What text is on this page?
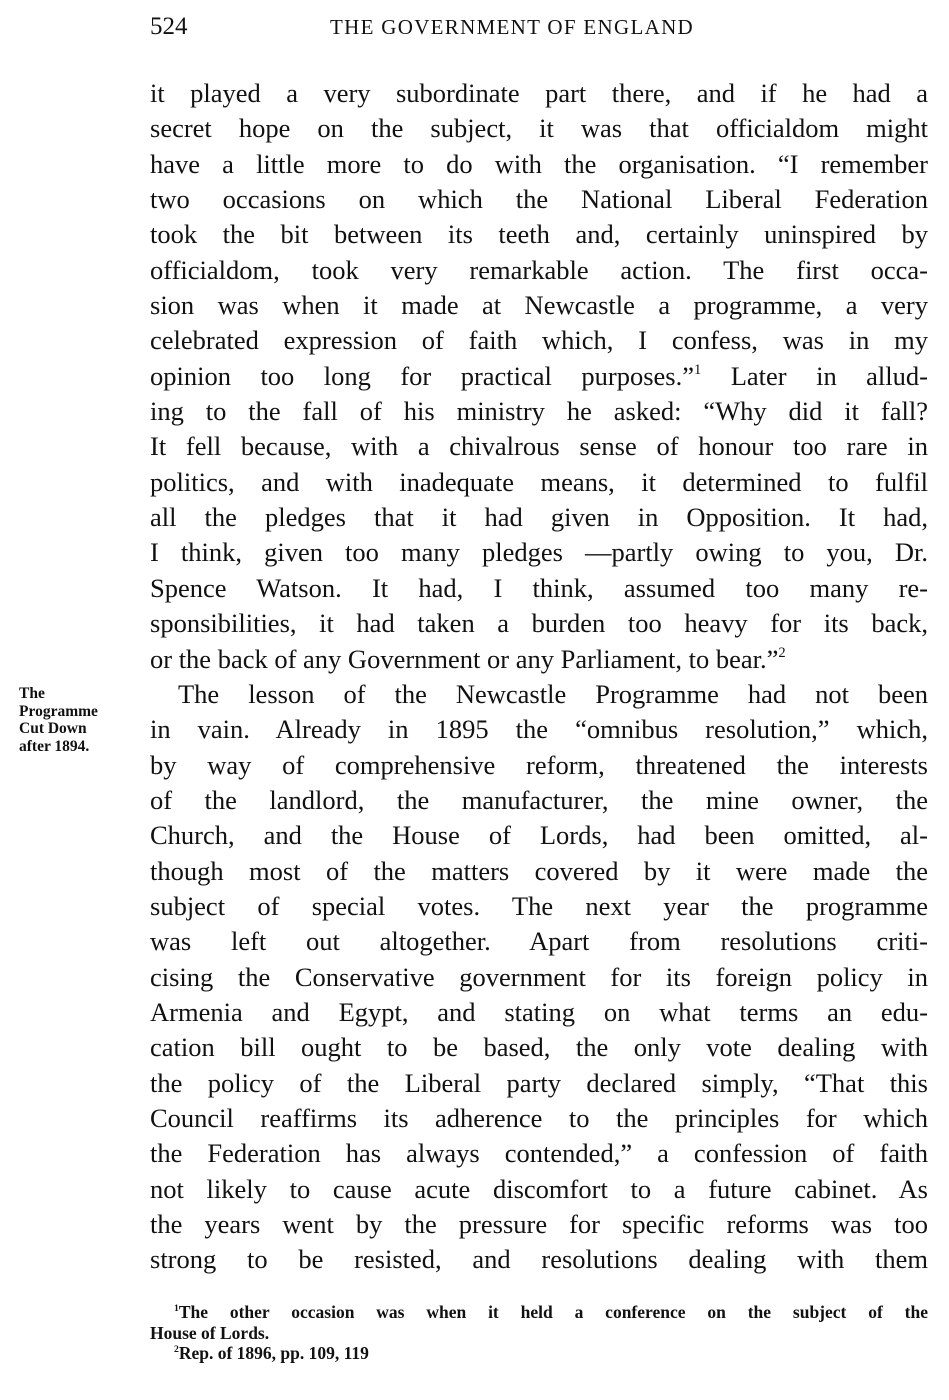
524	THE GOVERNMENT OF ENGLAND
The
Programme
Cut Down
after 1894.
it played a very subordinate part there, and if he had a
secret hope on the subject, it was that officialdom might
have a little more to do with the organisation. “I remember
two occasions on which the National Liberal Federation
took the bit between its teeth and, certainly uninspired by
officialdom, took very remarkable action. The first occa-
sion was when it made at Newcastle a programme, a very
celebrated expression of faith which, I confess, was in my
opinion too long for practical purposes.”$^1$ Later in allud-
ing to the fall of his ministry he asked: “Why did it fall?
It fell because, with a chivalrous sense of honour too rare in
politics, and with inadequate means, it determined to fulfil
all the pledges that it had given in Opposition. It had,
I think, given too many pledges —partly owing to you, Dr.
Spence Watson. It had, I think, assumed too many re-
sponsibilities, it had taken a burden too heavy for its back,
or the back of any Government or any Parliament, to bear.”$^2$
The lesson of the Newcastle Programme had not been
in vain. Already in 1895 the “omnibus resolution,” which,
by way of comprehensive reform, threatened the interests
of the landlord, the manufacturer, the mine owner, the
Church, and the House of Lords, had been omitted, al-
though most of the matters covered by it were made the
subject of special votes. The next year the programme
was left out altogether. Apart from resolutions criti-
cising the Conservative government for its foreign policy in
Armenia and Egypt, and stating on what terms an edu-
cation bill ought to be based, the only vote dealing with
the policy of the Liberal party declared simply, “That this
Council reaffirms its adherence to the principles for which
the Federation has always contended,” a confession of faith
not likely to cause acute discomfort to a future cabinet. As
the years went by the pressure for specific reforms was too
strong to be resisted, and resolutions dealing with them
$^1$The other occasion was when it held a conference on the subject of the
House of Lords.
$^2$Rep. of 1896, pp. 109, 119
